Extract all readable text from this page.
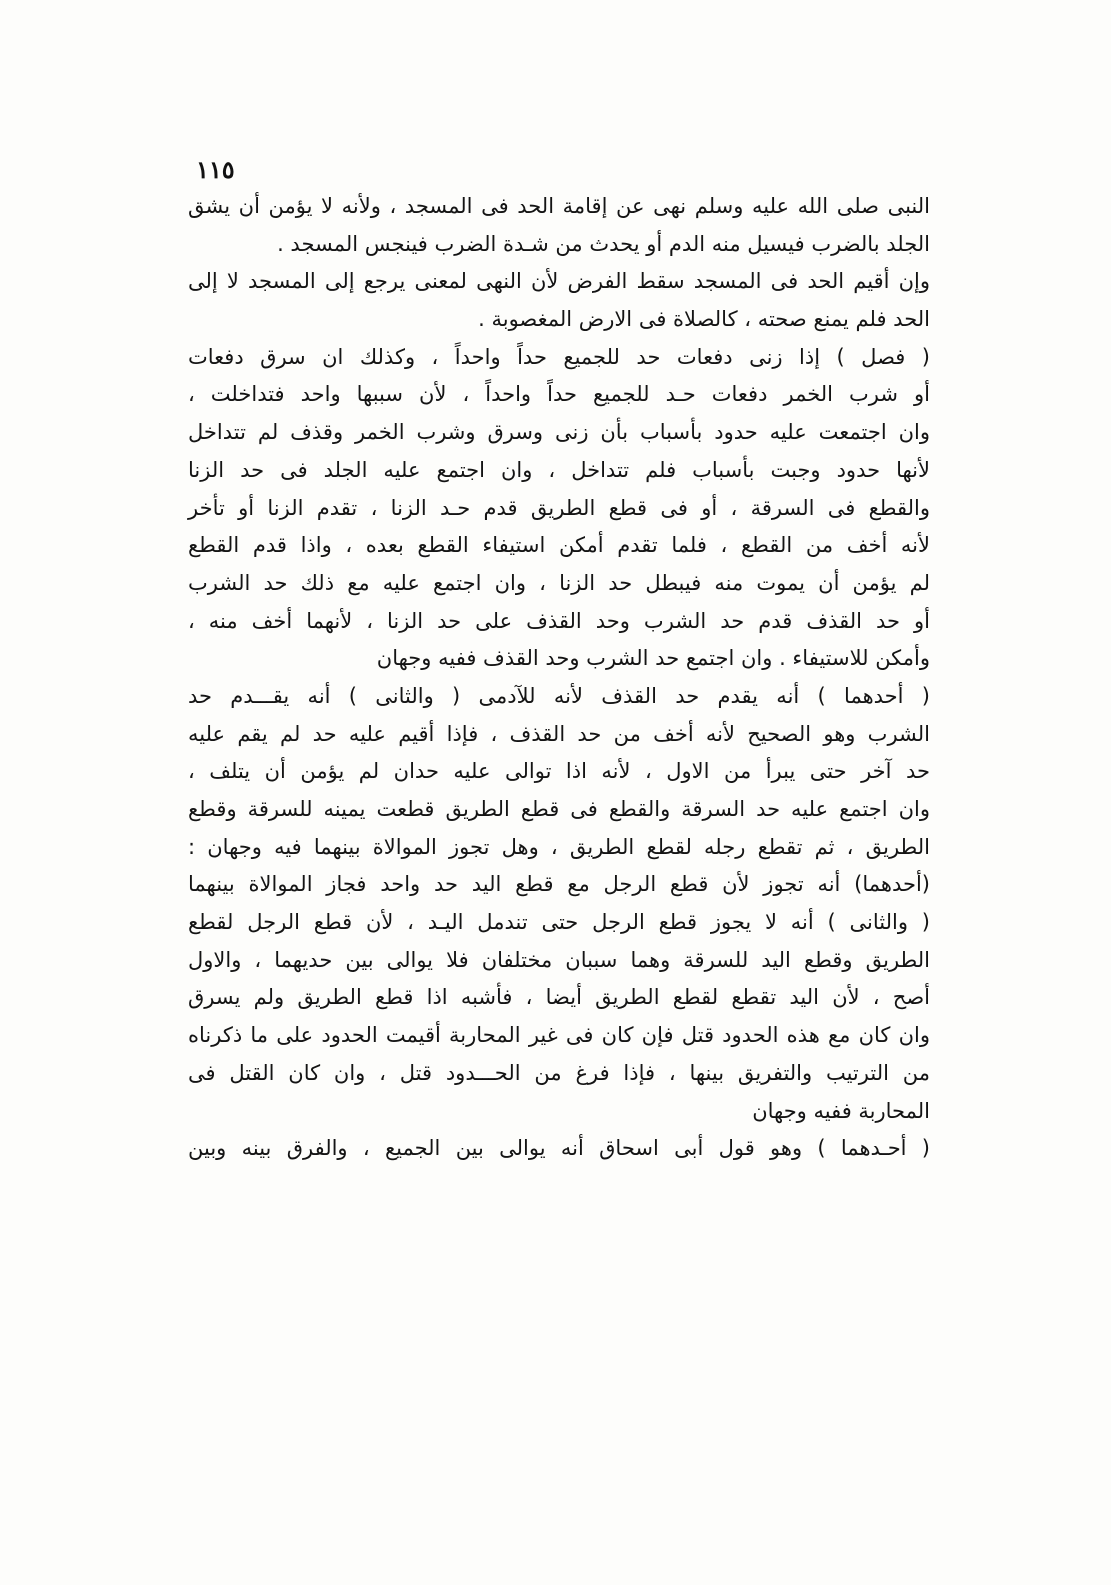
١١٥
النبى صلى الله عليه وسلم نهى عن إقامة الحد فى المسجد ، ولأنه لا يؤمن أن يشق
الجلد بالضرب فيسيل منه الدم أو يحدث من شـدة الضرب فينجس المسجد .
وإن أقيم الحد فى المسجد سقط الفرض لأن النهى لمعنى يرجع إلى المسجد لا إلى
الحد فلم يمنع صحته ، كالصلاة فى الارض المغصوبة .
( فصل ) إذا زنى دفعات حد للجميع حداً واحداً ، وكذلك ان سرق دفعات
أو شرب الخمر دفعات حـد للجميع حداً واحداً ، لأن سببها واحد فتداخلت ،
وان اجتمعت عليه حدود بأسباب بأن زنى وسرق وشرب الخمر وقذف لم تتداخل
لأنها حدود وجبت بأسباب فلم تتداخل ، وان اجتمع عليه الجلد فى حد الزنا
والقطع فى السرقة ، أو فى قطع الطريق قدم حـد الزنا ، تقدم الزنا أو تأخر
لأنه أخف من القطع ، فلما تقدم أمكن استيفاء القطع بعده ، واذا قدم القطع
لم يؤمن أن يموت منه فيبطل حد الزنا ، وان اجتمع عليه مع ذلك حد الشرب
أو حد القذف قدم حد الشرب وحد القذف على حد الزنا ، لأنهما أخف منه ،
وأمكن للاستيفاء . وان اجتمع حد الشرب وحد القذف ففيه وجهان
( أحدهما ) أنه يقدم حد القذف لأنه للآدمى ( والثانى ) أنه يقـــدم حد
الشرب وهو الصحيح لأنه أخف من حد القذف ، فإذا أقيم عليه حد لم يقم عليه
حد آخر حتى يبرأ من الاول ، لأنه اذا توالى عليه حدان لم يؤمن أن يتلف ،
وان اجتمع عليه حد السرقة والقطع فى قطع الطريق قطعت يمينه للسرقة وقطع
الطريق ، ثم تقطع رجله لقطع الطريق ، وهل تجوز الموالاة بينهما فيه وجهان :
(أحدهما) أنه تجوز لأن قطع الرجل مع قطع اليد حد واحد فجاز الموالاة بينهما
( والثانى ) أنه لا يجوز قطع الرجل حتى تندمل اليـد ، لأن قطع الرجل لقطع
الطريق وقطع اليد للسرقة وهما سببان مختلفان فلا يوالى بين حديهما ، والاول
أصح ، لأن اليد تقطع لقطع الطريق أيضا ، فأشبه اذا قطع الطريق ولم يسرق
وان كان مع هذه الحدود قتل فإن كان فى غير المحاربة أقيمت الحدود على ما ذكرناه
من الترتيب والتفريق بينها ، فإذا فرغ من الحـــدود قتل ، وان كان القتل فى
المحاربة ففيه وجهان
( أحـدهما ) وهو قول أبى اسحاق أنه يوالى بين الجميع ، والفرق بينه وبين
